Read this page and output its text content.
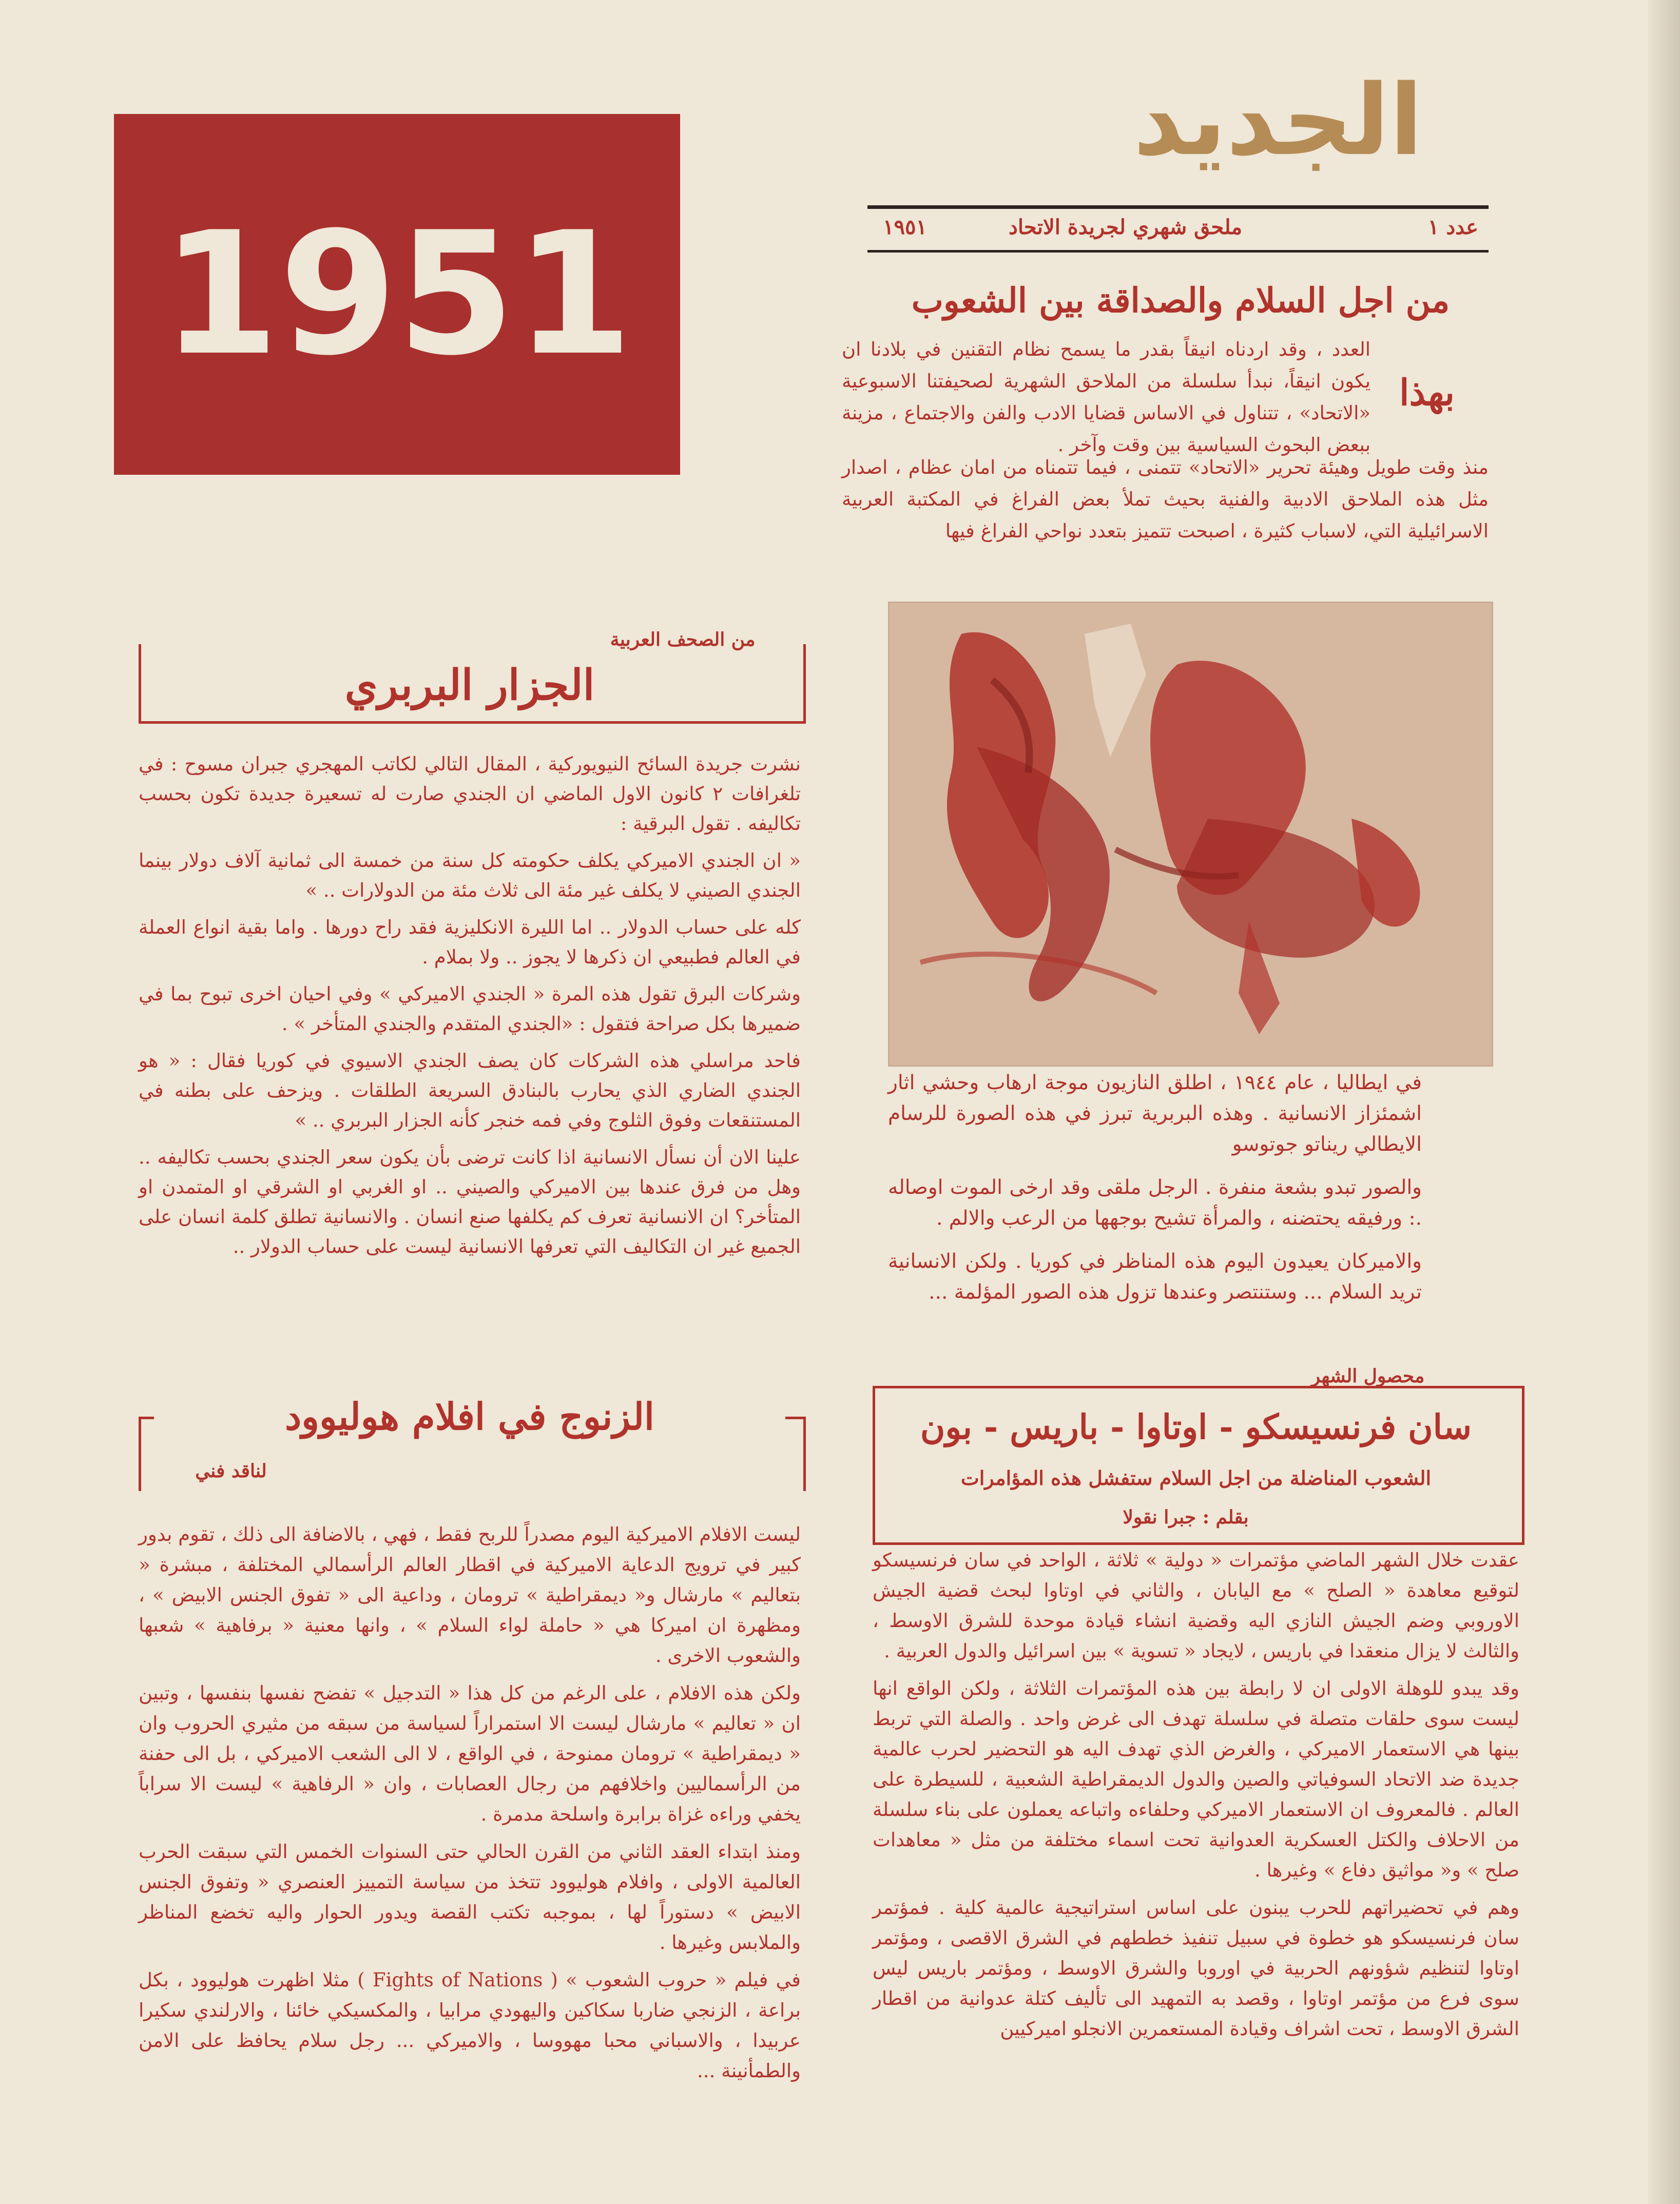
الجديد
عدد ١
ملحق شهري لجريدة الاتحاد
١٩٥١
1951	من اجل السلام والصداقة بين الشعوب
بهذا
العدد ، وقد اردناه انيقاً بقدر ما يسمح نظام التقنين في بلادنا ان يكون انيقاً، نبدأ سلسلة من الملاحق الشهرية لصحيفتنا الاسبوعية «الاتحاد» ، تتناول في الاساس قضايا الادب والفن والاجتماع ، مزينة ببعض البحوث السياسية بين وقت وآخر .
منذ وقت طويل وهيئة تحرير «الاتحاد» تتمنى ، فيما تتمناه من امان عظام ، اصدار مثل هذه الملاحق الادبية والفنية بحيث تملأ بعض الفراغ في المكتبة العربية الاسرائيلية التي، لاسباب كثيرة ، اصبحت تتميز بتعدد نواحي الفراغ فيها

في ايطاليا ، عام ١٩٤٤ ، اطلق النازيون موجة ارهاب وحشي اثار اشمئزاز الانسانية . وهذه البربرية تبرز في هذه الصورة للرسام الايطالي ريناتو جوتوسو

والصور تبدو بشعة منفرة . الرجل ملقى وقد ارخى الموت اوصاله .: ورفيقه يحتضنه ، والمرأة تشيح بوجهها من الرعب والالم .

والاميركان يعيدون اليوم هذه المناظر في كوريا . ولكن الانسانية تريد السلام ... وستنتصر وعندها تزول هذه الصور المؤلمة ...

من الصحف العربية
الجزار البربري

نشرت جريدة السائح النيويوركية ، المقال التالي لكاتب المهجري جبران مسوح : في تلغرافات ٢ كانون الاول الماضي ان الجندي صارت له تسعيرة جديدة تكون بحسب تكاليفه . تقول البرقية :

« ان الجندي الاميركي يكلف حكومته كل سنة من خمسة الى ثمانية آلاف دولار بينما الجندي الصيني لا يكلف غير مئة الى ثلاث مئة من الدولارات .. »

كله على حساب الدولار .. اما الليرة الانكليزية فقد راح دورها . واما بقية انواع العملة في العالم فطبيعي ان ذكرها لا يجوز .. ولا بملام .

وشركات البرق تقول هذه المرة « الجندي الاميركي » وفي احيان اخرى تبوح بما في ضميرها بكل صراحة فتقول : «الجندي المتقدم والجندي المتأخر » .

فاحد مراسلي هذه الشركات كان يصف الجندي الاسيوي في كوريا فقال : « هو الجندي الضاري الذي يحارب بالبنادق السريعة الطلقات . ويزحف على بطنه في المستنقعات وفوق الثلوج وفي فمه خنجر كأنه الجزار البربري .. »

علينا الان أن نسأل الانسانية اذا كانت ترضى بأن يكون سعر الجندي بحسب تكاليفه .. وهل من فرق عندها بين الاميركي والصيني .. او الغربي او الشرقي او المتمدن او المتأخر؟ ان الانسانية تعرف كم يكلفها صنع انسان . والانسانية تطلق كلمة انسان على الجميع غير ان التكاليف التي تعرفها الانسانية ليست على حساب الدولار ..

الزنوج في افلام هوليوود
لناقد فني

ليست الافلام الاميركية اليوم مصدراً للربح فقط ، فهي ، بالاضافة الى ذلك ، تقوم بدور كبير في ترويج الدعاية الاميركية في اقطار العالم الرأسمالي المختلفة ، مبشرة « بتعاليم » مارشال و« ديمقراطية » ترومان ، وداعية الى « تفوق الجنس الابيض » ، ومظهرة ان اميركا هي « حاملة لواء السلام » ، وانها معنية « برفاهية » شعبها والشعوب الاخرى .

ولكن هذه الافلام ، على الرغم من كل هذا « التدجيل » تفضح نفسها بنفسها ، وتبين ان « تعاليم » مارشال ليست الا استمراراً لسياسة من سبقه من مثيري الحروب وان « ديمقراطية » ترومان ممنوحة ، في الواقع ، لا الى الشعب الاميركي ، بل الى حفنة من الرأسماليين واخلافهم من رجال العصابات ، وان « الرفاهية » ليست الا سراباً يخفي وراءه غزاة برابرة واسلحة مدمرة .

ومنذ ابتداء العقد الثاني من القرن الحالي حتى السنوات الخمس التي سبقت الحرب العالمية الاولى ، وافلام هوليوود تتخذ من سياسة التمييز العنصري « وتفوق الجنس الابيض » دستوراً لها ، بموجبه تكتب القصة ويدور الحوار واليه تخضع المناظر والملابس وغيرها .

في فيلم « حروب الشعوب » ( Fights of Nations ) مثلا اظهرت هوليوود ، بكل براعة ، الزنجي ضاربا سكاكين واليهودي مرابيا ، والمكسيكي خائنا ، والارلندي سكيرا عربيدا ، والاسباني محبا مهووسا ، والاميركي ... رجل سلام يحافظ على الامن والطمأنينة ...

محصول الشهر
سان فرنسيسكو - اوتاوا - باريس - بون
الشعوب المناضلة من اجل السلام ستفشل هذه المؤامرات
بقلم : جبرا نقولا

عقدت خلال الشهر الماضي مؤتمرات « دولية » ثلاثة ، الواحد في سان فرنسيسكو لتوقيع معاهدة « الصلح » مع اليابان ، والثاني في اوتاوا لبحث قضية الجيش الاوروبي وضم الجيش النازي اليه وقضية انشاء قيادة موحدة للشرق الاوسط ، والثالث لا يزال منعقدا في باريس ، لايجاد « تسوية » بين اسرائيل والدول العربية .

وقد يبدو للوهلة الاولى ان لا رابطة بين هذه المؤتمرات الثلاثة ، ولكن الواقع انها ليست سوى حلقات متصلة في سلسلة تهدف الى غرض واحد . والصلة التي تربط بينها هي الاستعمار الاميركي ، والغرض الذي تهدف اليه هو التحضير لحرب عالمية جديدة ضد الاتحاد السوفياتي والصين والدول الديمقراطية الشعبية ، للسيطرة على العالم . فالمعروف ان الاستعمار الاميركي وحلفاءه واتباعه يعملون على بناء سلسلة من الاحلاف والكتل العسكرية العدوانية تحت اسماء مختلفة من مثل « معاهدات صلح » و« مواثيق دفاع » وغيرها .

وهم في تحضيراتهم للحرب يبنون على اساس استراتيجية عالمية كلية . فمؤتمر سان فرنسيسكو هو خطوة في سبيل تنفيذ خططهم في الشرق الاقصى ، ومؤتمر اوتاوا لتنظيم شؤونهم الحربية في اوروبا والشرق الاوسط ، ومؤتمر باريس ليس سوى فرع من مؤتمر اوتاوا ، وقصد به التمهيد الى تأليف كتلة عدوانية من اقطار الشرق الاوسط ، تحت اشراف وقيادة المستعمرين الانجلو اميركيين
